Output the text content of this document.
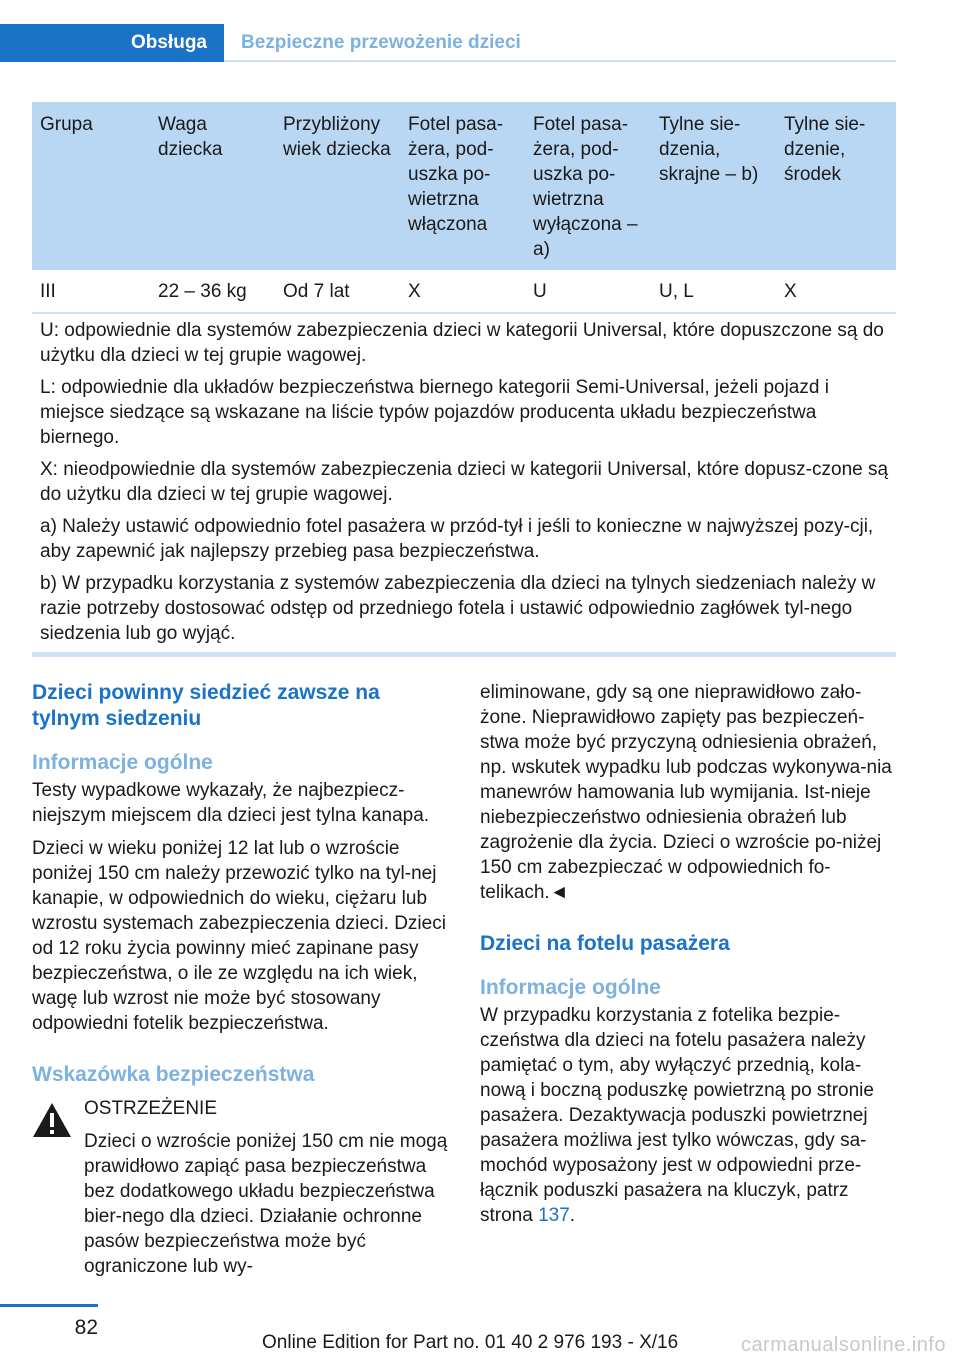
Obsługa	Bezpieczne przewożenie dzieci
Grupa	Waga dziecka	Przybliżony wiek dziecka	Fotel pasa-żera, pod-uszka po-wietrzna włączona	Fotel pasa-żera, pod-uszka po-wietrzna wyłączona – a)	Tylne sie-dzenia, skrajne – b)	Tylne sie-dzenie, środek
III	22 – 36 kg	Od 7 lat	X	U	U, L	X

U: odpowiednie dla systemów zabezpieczenia dzieci w kategorii Universal, które dopuszczone są do użytku dla dzieci w tej grupie wagowej.

L: odpowiednie dla układów bezpieczeństwa biernego kategorii Semi-Universal, jeżeli pojazd i miejsce siedzące są wskazane na liście typów pojazdów producenta układu bezpieczeństwa biernego.

X: nieodpowiednie dla systemów zabezpieczenia dzieci w kategorii Universal, które dopusz-czone są do użytku dla dzieci w tej grupie wagowej.

a) Należy ustawić odpowiednio fotel pasażera w przód-tył i jeśli to konieczne w najwyższej pozy-cji, aby zapewnić jak najlepszy przebieg pasa bezpieczeństwa.

b) W przypadku korzystania z systemów zabezpieczenia dla dzieci na tylnych siedzeniach należy w razie potrzeby dostosować odstęp od przedniego fotela i ustawić odpowiednio zagłówek tyl-nego siedzenia lub go wyjąć.

Dzieci powinny siedzieć zawsze na tylnym siedzeniu
Informacje ogólne

Testy wypadkowe wykazały, że najbezpiecz-niejszym miejscem dla dzieci jest tylna kanapa.

Dzieci w wieku poniżej 12 lat lub o wzroście poniżej 150 cm należy przewozić tylko na tyl-nej kanapie, w odpowiednich do wieku, ciężaru lub wzrostu systemach zabezpieczenia dzieci. Dzieci od 12 roku życia powinny mieć zapinane pasy bezpieczeństwa, o ile ze względu na ich wiek, wagę lub wzrost nie może być stosowany odpowiedni fotelik bezpieczeństwa.

Wskazówka bezpieczeństwa

OSTRZEŻENIE

Dzieci o wzroście poniżej 150 cm nie mogą prawidłowo zapiąć pasa bezpieczeństwa bez dodatkowego układu bezpieczeństwa bier-nego dla dzieci. Działanie ochronne pasów bezpieczeństwa może być ograniczone lub wy-

eliminowane, gdy są one nieprawidłowo zało-żone. Nieprawidłowo zapięty pas bezpieczeń-stwa może być przyczyną odniesienia obrażeń, np. wskutek wypadku lub podczas wykonywa-nia manewrów hamowania lub wymijania. Ist-nieje niebezpieczeństwo odniesienia obrażeń lub zagrożenie dla życia. Dzieci o wzroście po-niżej 150 cm zabezpieczać w odpowiednich fo-telikach.◄

Dzieci na fotelu pasażera
Informacje ogólne

W przypadku korzystania z fotelika bezpie-czeństwa dla dzieci na fotelu pasażera należy pamiętać o tym, aby wyłączyć przednią, kola-nową i boczną poduszkę powietrzną po stronie pasażera. Dezaktywacja poduszki powietrznej pasażera możliwa jest tylko wówczas, gdy sa-mochód wyposażony jest w odpowiedni prze-łącznik poduszki pasażera na kluczyk, patrz strona 137.

82
Online Edition for Part no. 01 40 2 976 193 - X/16	carmanualsonline.info
